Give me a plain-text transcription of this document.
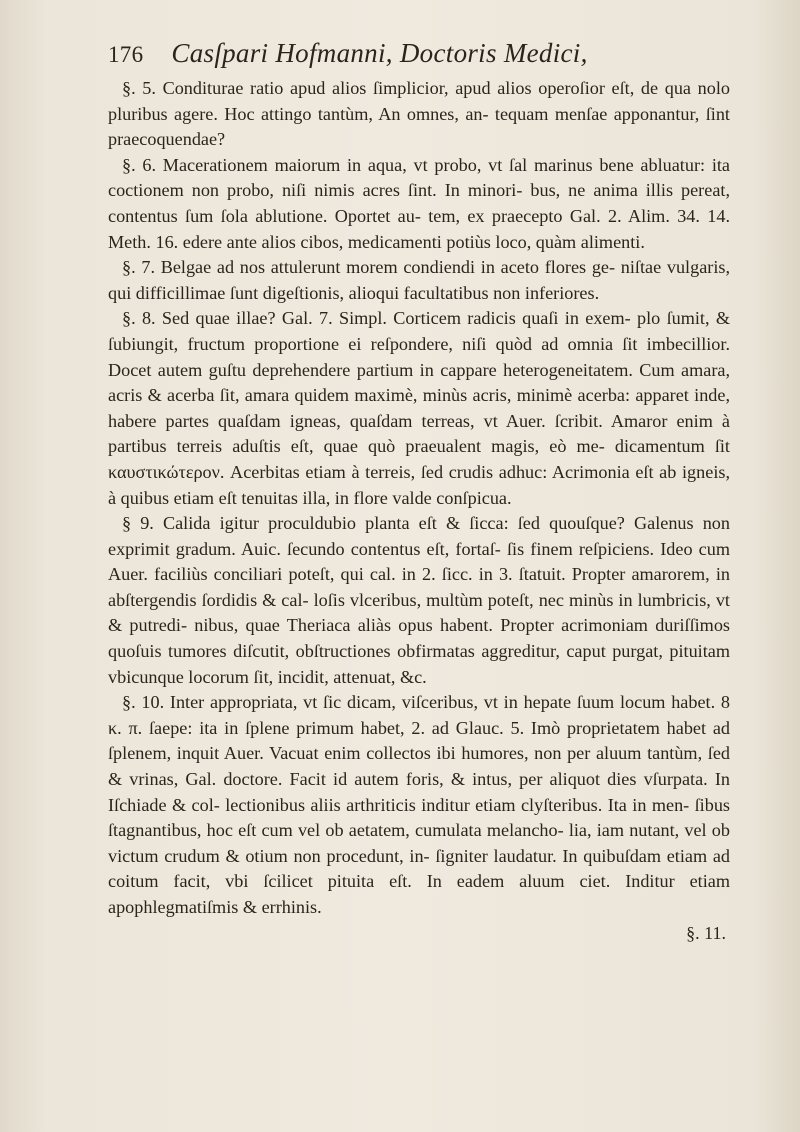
176 Casſpari Hofmanni, Doctoris Medici,

§. 5. Conditurae ratio apud alios ſimplicior, apud alios operoſior eſt, de qua nolo pluribus agere. Hoc attingo tantùm, An omnes, an- tequam menſae apponantur, ſint praecoquendae?

§. 6. Macerationem maiorum in aqua, vt probo, vt ſal marinus bene abluatur: ita coctionem non probo, niſi nimis acres ſint. In minori- bus, ne anima illis pereat, contentus ſum ſola ablutione. Oportet au- tem, ex praecepto Gal. 2. Alim. 34. 14. Meth. 16. edere ante alios cibos, medicamenti potiùs loco, quàm alimenti.

§. 7. Belgae ad nos attulerunt morem condiendi in aceto flores ge- niſtae vulgaris, qui difficillimae ſunt digeſtionis, alioqui facultatibus non inferiores.

§. 8. Sed quae illae? Gal. 7. Simpl. Corticem radicis quaſi in exem- plo ſumit, & ſubiungit, fructum proportione ei reſpondere, niſi quòd ad omnia ſit imbecillior. Docet autem guſtu deprehendere partium in cappare heterogeneitatem. Cum amara, acris & acerba ſit, amara quidem maximè, minùs acris, minimè acerba: apparet inde, habere partes quaſdam igneas, quaſdam terreas, vt Auer. ſcribit. Amaror enim à partibus terreis aduſtis eſt, quae quò praeualent magis, eò me- dicamentum ſit καυστικώτερον. Acerbitas etiam à terreis, ſed crudis adhuc: Acrimonia eſt ab igneis, à quibus etiam eſt tenuitas illa, in flore valde conſpicua.

§ 9. Calida igitur proculdubio planta eſt & ſicca: ſed quouſque? Galenus non exprimit gradum. Auic. ſecundo contentus eſt, fortaſ- ſis finem reſpiciens. Ideo cum Auer. faciliùs conciliari poteſt, qui cal. in 2. ſicc. in 3. ſtatuit. Propter amarorem, in abſtergendis ſordidis & cal- loſis vlceribus, multùm poteſt, nec minùs in lumbricis, vt & putredi- nibus, quae Theriaca aliàs opus habent. Propter acrimoniam duriſſimos quoſuis tumores diſcutit, obſtructiones obfirmatas aggreditur, caput purgat, pituitam vbicunque locorum ſit, incidit, attenuat, &c.

§. 10. Inter appropriata, vt ſic dicam, viſceribus, vt in hepate ſuum locum habet. 8 κ. π. ſaepe: ita in ſplene primum habet, 2. ad Glauc. 5. Imò proprietatem habet ad ſplenem, inquit Auer. Vacuat enim collectos ibi humores, non per aluum tantùm, ſed & vrinas, Gal. doctore. Facit id autem foris, & intus, per aliquot dies vſurpata. In Iſchiade & col- lectionibus aliis arthriticis inditur etiam clyſteribus. Ita in men- ſibus ſtagnantibus, hoc eſt cum vel ob aetatem, cumulata melancho- lia, iam nutant, vel ob victum crudum & otium non procedunt, in- ſigniter laudatur. In quibuſdam etiam ad coitum facit, vbi ſcilicet pituita eſt. In eadem aluum ciet. Inditur etiam apophlegmatiſmis & errhinis.

§. 11.
